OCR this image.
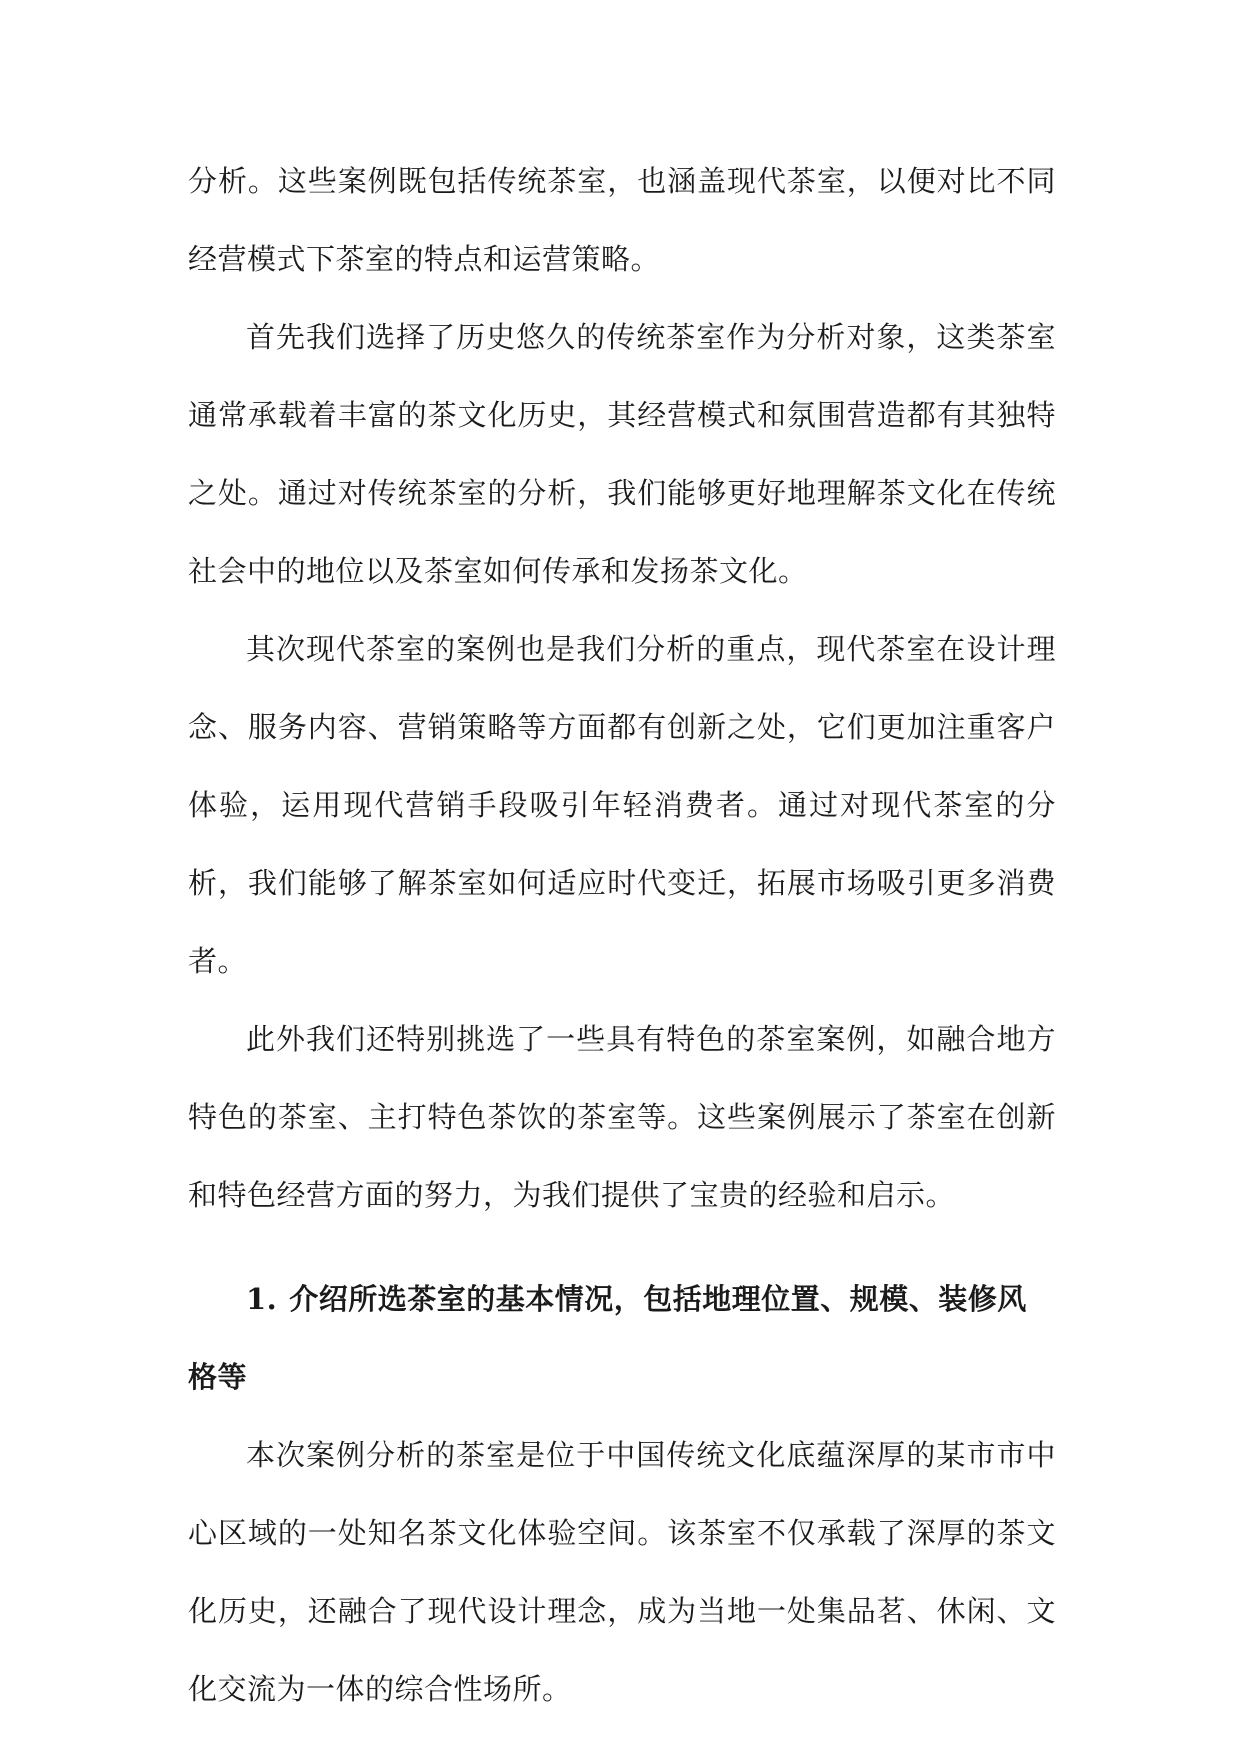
分析。这些案例既包括传统茶室，也涵盖现代茶室，以便对比不同经营模式下茶室的特点和运营策略。

首先我们选择了历史悠久的传统茶室作为分析对象，这类茶室通常承载着丰富的茶文化历史，其经营模式和氛围营造都有其独特之处。通过对传统茶室的分析，我们能够更好地理解茶文化在传统社会中的地位以及茶室如何传承和发扬茶文化。

其次现代茶室的案例也是我们分析的重点，现代茶室在设计理念、服务内容、营销策略等方面都有创新之处，它们更加注重客户体验，运用现代营销手段吸引年轻消费者。通过对现代茶室的分析，我们能够了解茶室如何适应时代变迁，拓展市场吸引更多消费者。

此外我们还特别挑选了一些具有特色的茶室案例，如融合地方特色的茶室、主打特色茶饮的茶室等。这些案例展示了茶室在创新和特色经营方面的努力，为我们提供了宝贵的经验和启示。

1. 介绍所选茶室的基本情况，包括地理位置、规模、装修风格等

本次案例分析的茶室是位于中国传统文化底蕴深厚的某市市中心区域的一处知名茶文化体验空间。该茶室不仅承载了深厚的茶文化历史，还融合了现代设计理念，成为当地一处集品茗、休闲、文化交流为一体的综合性场所。
